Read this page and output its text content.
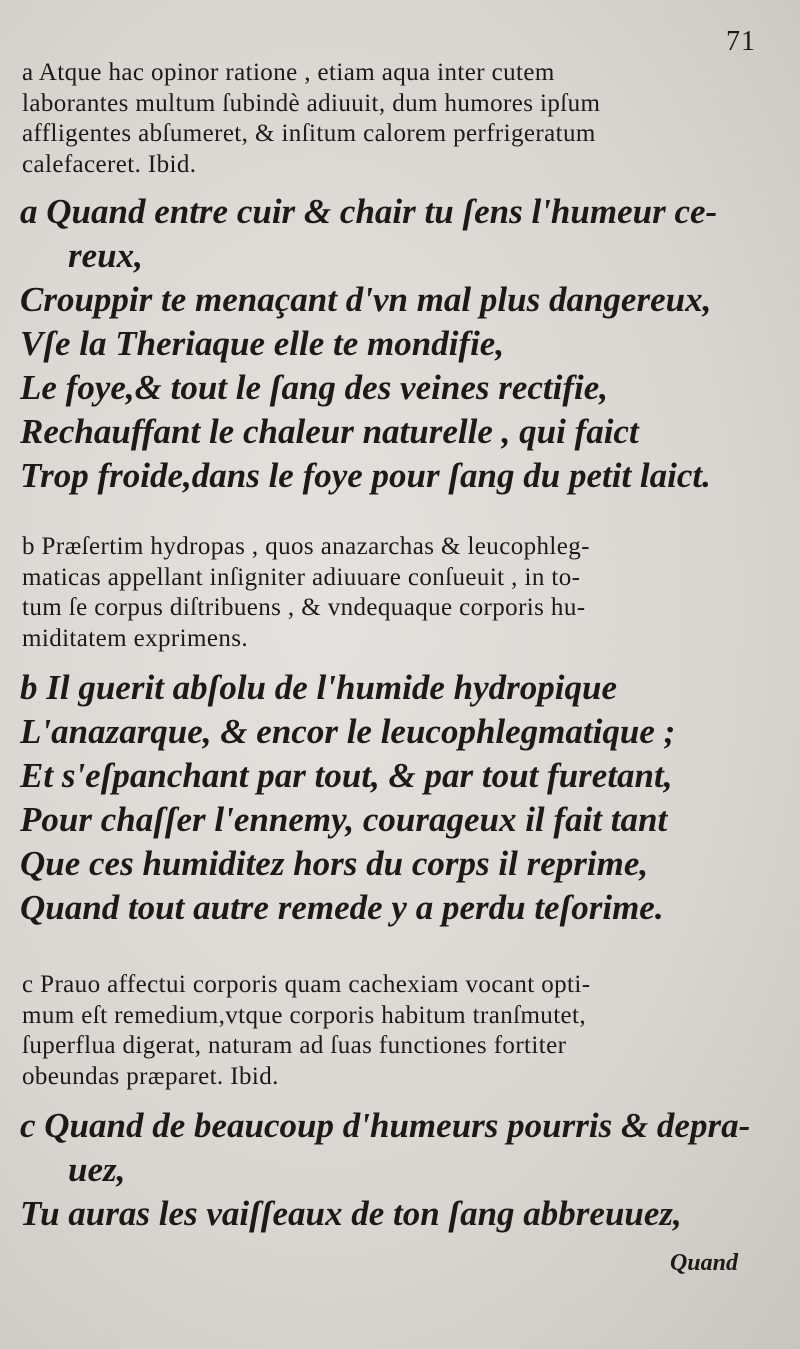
71
a Atque hac opinor ratione , etiam aqua inter cutem
laborantes multum ſubindè adiuuit, dum humores ipſum
affligentes abſumeret, & inſitum calorem perfrigeratum
calefaceret. Ibid.
a Quand entre cuir & chair tu ſens l'humeur ce-
reux,
Crouppir te menaçant d'vn mal plus dangereux,
Vſe la Theriaque elle te mondifie,
Le foye,& tout le ſang des veines rectifie,
Rechauffant le chaleur naturelle , qui faict
Trop froide,dans le foye pour ſang du petit laict.
b Præſertim hydropas , quos anazarchas & leucophleg-
maticas appellant inſigniter adiuuare conſueuit , in to-
tum ſe corpus diſtribuens , & vndequaque corporis hu-
miditatem exprimens.
b Il guerit abſolu de l'humide hydropique
L'anazarque, & encor le leucophlegmatique ;
Et s'eſpanchant par tout, & par tout furetant,
Pour chaſſer l'ennemy, courageux il fait tant
Que ces humiditez hors du corps il reprime,
Quand tout autre remede y a perdu teſorime.
c Prauo affectui corporis quam cachexiam vocant opti-
mum eſt remedium,vtque corporis habitum tranſmutet,
ſuperflua digerat, naturam ad ſuas functiones fortiter
obeundas præparet. Ibid.
c Quand de beaucoup d'humeurs pourris & depra-
uez,
Tu auras les vaiſſeaux de ton ſang abbreuuez,
Quand
